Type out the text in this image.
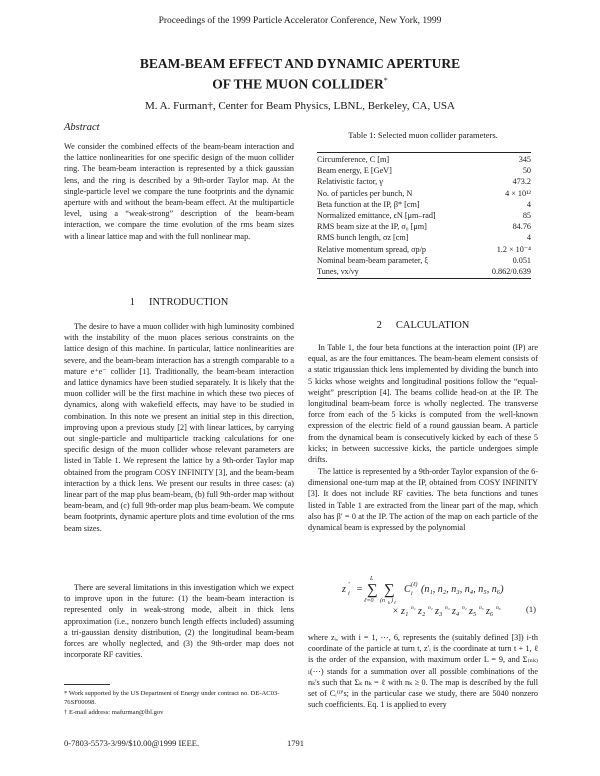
Proceedings of the 1999 Particle Accelerator Conference, New York, 1999
BEAM-BEAM EFFECT AND DYNAMIC APERTURE
OF THE MUON COLLIDER*
M. A. Furman†, Center for Beam Physics, LBNL, Berkeley, CA, USA
Abstract

We consider the combined effects of the beam-beam interaction and the lattice nonlinearities for one specific design of the muon collider ring. The beam-beam interaction is represented by a thick gaussian lens, and the ring is described by a 9th-order Taylor map. At the single-particle level we compare the tune footprints and the dynamic aperture with and without the beam-beam effect. At the multiparticle level, using a “weak-strong” description of the beam-beam interaction, we compare the time evolution of the rms beam sizes with a linear lattice map and with the full nonlinear map.

1 INTRODUCTION

The desire to have a muon collider with high luminosity combined with the instability of the muon places serious constraints on the lattice design of this machine. In particular, lattice nonlinearities are severe, and the beam-beam interaction has a strength comparable to a mature e⁺e⁻ collider [1]. Traditionally, the beam-beam interaction and lattice dynamics have been studied separately. It is likely that the muon collider will be the first machine in which these two pieces of dynamics, along with wakefield effects, may have to be studied in combination. In this note we present an initial step in this direction, improving upon a previous study [2] with linear lattices, by carrying out single-particle and multiparticle tracking calculations for one specific design of the muon collider whose relevant parameters are listed in Table 1. We represent the lattice by a 9th-order Taylor map obtained from the program COSY INFINITY [3], and the beam-beam interaction by a thick lens. We present our results in three cases: (a) linear part of the map plus beam-beam, (b) full 9th-order map without beam-beam, and (c) full 9th-order map plus beam-beam. We compute beam footprints, dynamic aperture plots and time evolution of the rms beam sizes.

There are several limitations in this investigation which we expect to improve upon in the future: (1) the beam-beam interaction is represented only in weak-strong mode, albeit in thick lens approximation (i.e., nonzero bunch length effects included) assuming a tri-gaussian density distribution, (2) the longitudinal beam-beam forces are wholly neglected, and (3) the 9th-order map does not incorporate RF cavities.

* Work supported by the US Department of Energy under contract no. DE-AC03-76SF00098.
† E-mail address: mafurman@lbl.gov
Table 1: Selected muon collider parameters.
Circumference, C [m]	345
Beam energy, E [GeV]	50
Relativistic factor, γ	473.2
No. of particles per bunch, N	4 × 10¹²
Beta function at the IP, β* [cm]	4
Normalized emittance, ϵN [μm–rad]	85
RMS beam size at the IP, σ₀ [μm]	84.76
RMS bunch length, σz [cm]	4
Relative momentum spread, σp/p	1.2 × 10⁻⁴
Nominal beam-beam parameter, ξ	0.051
Tunes, νx/νy	0.862/0.639
2 CALCULATION

In Table 1, the four beta functions at the interaction point (IP) are equal, as are the four emittances. The beam-beam element consists of a static trigaussian thick lens implemented by dividing the bunch into 5 kicks whose weights and longitudinal positions follow the “equal-weight” prescription [4]. The beams collide head-on at the IP. The longitudinal beam-beam force is wholly neglected. The transverse force from each of the 5 kicks is computed from the well-known expression of the electric field of a round gaussian beam. A particle from the dynamical beam is consecutively kicked by each of these 5 kicks; in between successive kicks, the particle undergoes simple drifts.

The lattice is represented by a 9th-order Taylor expansion of the 6-dimensional one-turn map at the IP, obtained from COSY INFINITY [3]. It does not include RF cavities. The beta functions and tunes listed in Table 1 are extracted from the linear part of the map, which also has β′ = 0 at the IP. The action of the map on each particle of the dynamical beam is expressed by the polynomial

z i
′ = ∑
L
ℓ=0
∑
(n k ) ℓ
C (ℓ)
i (n₁, n₂, n₃, n₄, n₅, n₆)
× z₁ n₁ z₂ n₂ z₃ n₃ z₄ n₄ z₅ n₅ z₆ n₆	(1)

where zᵢ, with i = 1, ⋯, 6, represents the (suitably defined [3]) i-th coordinate of the particle at turn t, z′ᵢ is the coordinate at turn t + 1, ℓ is the order of the expansion, with maximum order L = 9, and Σ₍ₙₖ₎ₗ(⋯) stands for a summation over all possible combinations of the nₖ's such that Σₖ nₖ = ℓ with nₖ ≥ 0. The map is described by the full set of Cᵢ⁽ˡ⁾'s; in the particular case we study, there are 5040 nonzero such coefficients. Eq. 1 is applied to every

0-7803-5573-3/99/$10.00@1999 IEEE.	1791
